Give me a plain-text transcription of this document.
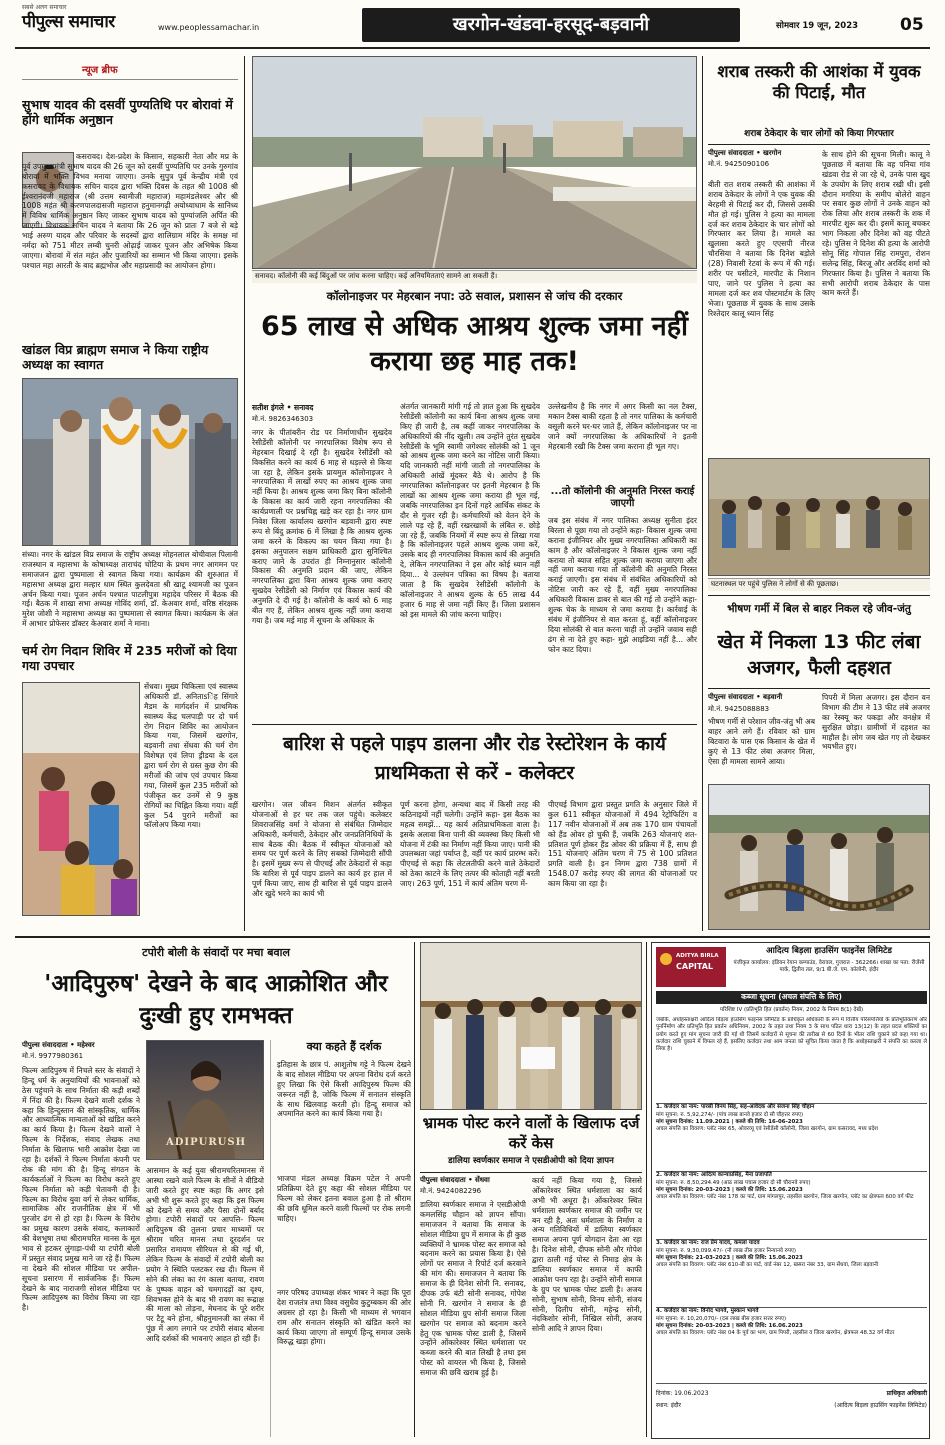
सबसे अलग समाचार
पीपुल्स समाचार	www.peoplessamachar.in	खरगोन-खंडवा-हरसूद-बड़वानी	सोमवार 19 जून, 2023 05
न्यूज ब्रीफ
सुभाष यादव की दसवीं पुण्यतिथि पर बोरावां में होंगे धार्मिक अनुष्ठान
कसरावद। देश-प्रदेश के किसान, सहकारी नेता और मप्र के पूर्व उपमुख्यमंत्री सुभाष यादव की 26 जून को दसवीं पुण्यतिथि पर उनके गुरुगांव बोरावां में भक्ति विभव मनाया जाएगा। उनके सुपुत्र पूर्व केन्द्रीय मंत्री एवं कसरावद के विधायक सचिन यादव द्वारा भक्ति दिवस के तहत श्री 1008 श्री ईश्वरानंदजी महाराज (श्री उत्तम स्वामीजी महाराज) महामंडलेश्वर और श्री 1008 महंत श्री करणपालदासजी महाराज हनुमानगढ़ी अयोध्याधाम के सानिध्य में विविध धार्मिक अनुष्ठान किए जाकर सुभाष यादव को पुण्यांजलि अर्पित की जाएगी। विधायक सचिन यादव ने बताया कि 26 जून को प्रातः 7 बजे से बड़े भाई अरुण यादव और परिवार के सदस्यों द्वारा शालिग्राम मंदिर के समक्ष मां नर्मदा को 751 मीटर लम्बी चुनरी ओढ़ाई जाकर पूजन और अभिषेक किया जाएगा। बोरावां में संत महंत और पुजारियों का सम्मान भी किया जाएगा। इसके पश्चात महा आरती के बाद ब्रह्मभोज और महाप्रसादी का आयोजन होगा।
खांडल विप्र ब्राह्मण समाज ने किया राष्ट्रीय अध्यक्ष का स्वागत
संध्या। नगर के खांडल विप्र समाज के राष्ट्रीय अध्यक्ष मोहनलाल बोचीवाल पिलानी राजस्थान व महासभा के कोषाध्यक्ष ताराचंद चोटिया के प्रथम नगर आगमन पर समाजजन द्वारा पुष्पमाला से स्वागत किया गया। कार्यक्रम की शुरुआत में महासभा अध्यक्ष द्वारा मल्हार धाम स्थित कुलदेवता श्री खाटू श्यामजी का पूजन अर्चन किया गया। पूजन अर्चन पश्चात पाटलीपुत्रा महादेव परिसर में बैठक की गई। बैठक में शाखा सभा अध्यक्ष गोविंद शर्मा, डॉ. केअवार शर्मा, वरिष्ठ संरक्षक मुरेश जोशी ने महासभा अध्यक्ष का पुष्पमाला से स्वागत किया। कार्यक्रम के अंत में आभार प्रोफेसर डॉक्टर केअवार शर्मा ने माना।
चर्म रोग निदान शिविर में 235 मरीजों को दिया गया उपचार
सेंधवा। मुख्य चिकित्सा एवं स्वास्थ्य अधिकारी डॉ. अनिताsिंह सिंगारे मैडम के मार्गदर्शन में प्राथमिक स्वास्थ्य केंद्र चलपाड़ी पर दो चर्म रोग निदान शिविर का आयोजन किया गया, जिसमें खरगोन, बड़वानी तथा सेंधवा की चर्म रोग विशेषज्ञ एवं लिपा ड्रीडया के दल द्वारा चर्म रोग से ग्रस्त कुछ रोग की मरीजों की जांच एवं उपचार किया गया, जिसमें कुल 235 मरीजों को पंजीकृत कर उनमें से 9 कुष्ठ रोगियों का चिह्नित किया गया। वहीं कुल 54 पुराने मरीजों का फॉलोअप किया गया।
सनावद। कॉलोनी की कई बिंदुओं पर जांच करना चाहिए। कई अनियमितताएं सामने आ सकती हैं।
कॉलोनाइजर पर मेहरबान नपा: उठे सवाल, प्रशासन से जांच की दरकार
65 लाख से अधिक आश्रय शुल्क जमा नहीं कराया छह माह तक!
सतीश इंगले • सनावद
मो.नं. 9826346303
नगर के पीतांबरीन रोड पर निर्माणाधीन सुखदेव रेसीडेंसी कॉलोनी पर नगरपालिका विशेष रूप से मेहरबान दिखाई दे रही है। सुखदेव रेसीडेंसी को विकसित करने का कार्य 6 माह से धड़ल्ले से किया जा रहा है, लेकिन इसके प्रायमुल कॉलोनाइजर ने नगरपालिका में लाखों रुपए का आश्रय शुल्क जमा नहीं किया है। आश्रय शुल्क जमा किए बिना कॉलोनी के विकास का कार्य जारी रहना नगरपालिका की कार्यप्रणाली पर प्रश्नचिह्न खड़े कर रहा है। नगर ग्राम निवेश जिला कार्यालय खरगोन बड़वानी द्वारा स्पष्ट रूप से बिंदु क्रमांक 6 में लिखा है कि आश्रय शुल्क जमा करने के विकल्प का चयन किया गया है। इसका अनुपालन सक्षम प्राधिकारी द्वारा सुनिश्चित कराए जाने के उपरांत ही निम्नानुसार कॉलोनी विकास की अनुमति प्रदान की जाए, लेकिन नगरपालिका द्वारा बिना आश्रय शुल्क जमा कराए सुखदेव रेसीडेंसी को निर्माण एवं विकास कार्य की अनुमति दे दी गई है। कॉलोनी के कार्य को 6 माह बीत गए हैं, लेकिन आश्रय शुल्क नहीं जमा कराया गया है। जब मई माह में सूचना के अधिकार के
अंतर्गत जानकारी मांगी गई तो ज्ञात हुआ कि सुखदेव रेसीडेंसी कॉलोनी का कार्य बिना आश्रय शुल्क जमा किए ही जारी है, तब कहीं जाकर नगरपालिका के अधिकारियों की नींद खुली। तब उन्होंने तुरंत सुखदेव रेसीडेंसी के भूमि स्वामी जगेश्वर सोलंकी को 1 जून को आश्रय शुल्क जमा करने का नोटिस जारी किया। यदि जानकारी नहीं मांगी जाती तो नगरपालिका के अधिकारी आंखें मूंदकर बैठे थे। आरोप है कि नगरपालिका कॉलोनाइजर पर इतनी मेहरबान है कि लाखों का आश्रय शुल्क जमा कराया ही भूल गई, जबकि नगरपालिका इन दिनों गहरे आर्थिक संकट के दौर से गुजर रही है। कर्मचारियों को वेतन देने के लाले पड़ रहे हैं, वहीं रखरखावों के लंबित रु. छोड़े जा रहे हैं, जबकि नियमों में स्पष्ट रूप से लिखा गया है कि कॉलोनाइजर पहले आश्रय शुल्क जमा करें, उसके बाद ही नगरपालिका विकास कार्य की अनुमति दे, लेकिन नगरपालिका ने इस और कोई ध्यान नहीं दिया... ये उल्लंघन पत्रिका का विषय है। बताया जाता है कि सुखदेव रेसीडेंसी कॉलोनी के कॉलोनाइजर ने आश्रय शुल्क के 65 लाख 44 हजार 6 माह से जमा नहीं किए हैं। जिला प्रशासन को इस मामले की जांच करना चाहिए।
उल्लेखनीय है कि नगर में अगर किसी का नल टैक्स, मकान टैक्स बाकी रहता है तो नगर पालिका के कर्मचारी वसूली करने घर-घर जाते हैं, लेकिन कॉलोनाइजर पर ना जाने क्यों नगरपालिका के अधिकारियों ने इतनी मेहरबानी रखी कि टैक्स जमा कराना ही भूल गए।
...तो कॉलोनी की अनुमति निरस्त कराई जाएगी
जब इस संबंध में नगर पालिका अध्यक्ष सुनीता इंदर बिरला से पूछा गया तो उन्होंने कहा- विकास शुल्क जमा कराना इंजीनियर और मुख्य नगरपालिका अधिकारी का काम है और कॉलोनाइजर ने विकास शुल्क जमा नहीं कराया तो ब्याज सहित शुल्क जमा कराया जाएगा और नहीं जमा कराया गया तो कॉलोनी की अनुमति निरस्त कराई जाएगी। इस संबंध में संबंधित अधिकारियों को नोटिस जारी कर रहे हैं, वहीं मुख्य नगरपालिका अधिकारी विकास डाबर से बात की गई तो उन्होंने कहा- शुल्क चेक के माध्यम से जमा कराया है। कार्रवाई के संबंध में इंजीनियर से बात करता हूं, वहीं कॉलोनाइजर दिया सोलंकी से बात करना चाही तो उन्होंने जवाब सही ढंग से ना देते हुए कहा- मुझे आइडिया नहीं है... और फोन काट दिया।
बारिश से पहले पाइप डालना और रोड रेस्टोरेशन के कार्य प्राथमिकता से करें - कलेक्टर
खरगोन। जल जीवन मिशन अंतर्गत स्वीकृत योजनाओं से हर घर तक जल पहुंचे। कलेक्टर शिवराजसिंह वर्मा ने योजना से संबंधित जिम्मेदार अधिकारी, कर्मचारी, ठेकेदार और जनप्रतिनिधियों के साथ बैठक की। बैठक में स्वीकृत योजनाओं को समय पर पूर्ण करने के लिए सबको जिम्मेदारी सौंपी है। इसमें मुख्य रूप से पीएचई और ठेकेदारों से कहा कि बारिश से पूर्व पाइप डालने का कार्य हर हाल में पूर्ण किया जाए, साथ ही बारिश से पूर्व पाइप डालने और खुदे भरने का कार्य भी
पूर्ण करना होगा, अन्यथा बाद में किसी तरह की कठिनाइयों नहीं चलेगी। उन्होंने कहा- इस बैठक का महत्व समझें... यह कार्य अतिप्राथमिकता वाला है। इसके अलावा बिना पानी की व्यवस्था किए किसी भी योजना में टंकी का निर्माण नहीं किया जाए। पानी की उपलब्धता जहां पर्याप्त है, वहीं पर कार्य प्रारम्भ करें। पीएचई से कहा कि लेटलतीफी करने वाले ठेकेदारों को ठेका काटने के लिए तत्पर की कोताही नहीं बरती जाए। 263 पूर्ण, 151 में कार्य अंतिम चरण में-
पीएचई विभाग द्वारा प्रस्तुत प्रगति के अनुसार जिले में कुल 611 स्वीकृत योजनाओं में 494 रेट्रोफिटिंग व 117 नवीन योजनाओं में अब तक 170 ग्राम पंचायतों को हैंड ओवर हो चुकी हैं, जबकि 263 योजनाएं शत-प्रतिशत पूर्ण होकर हैंड ओवर की प्रक्रिया में हैं, साथ ही 151 योजनाएं अंतिम चरण में 75 से 100 प्रतिशत प्रगति वाली है। इन निगम द्वारा 738 ग्रामों में 1548.07 करोड़ रुपए की लागत की योजनाओं पर काम किया जा रहा है।
शराब तस्करी की आशंका में युवक की पिटाई, मौत
शराब ठेकेदार के चार लोगों को किया गिरफ्तार
पीपुल्स संवाददाता • खरगोन
मो.नं. 9425090106
बीती रात शराब तस्करी की आशंका में शराब ठेकेदार के लोगों ने एक युवक की बेरहमी से पिटाई कर दी, जिससे उसकी मौत हो गई। पुलिस ने हत्या का मामला दर्ज कर शराब ठेकेदार के चार लोगों को गिरफ्तार कर लिया है। मामले का खुलासा करते हुए एएसपी नीरज चौरसिया ने बताया कि दिनेश बड़ोले (28) निवासी रेटवां के रूप में की गई। शरीर पर घसीटने, मारपीट के निशान पाए, जाने पर पुलिस ने हत्या का मामला दर्ज कर शव पोस्टमार्टम के लिए भेजा। पूछताछ में युवक के साथ उसके रिश्तेदार कालू ध्यान सिंह
के साथ होने की सूचना मिली। कालू ने पूछताछ में बताया कि वह पनिया गांव खंडवा रोड से जा रहे थे, उनके पास खुद के उपयोग के लिए शराब रखी थी। इसी दौरान मगरिया के समीप बोलेरो वाहन पर सवार कुछ लोगों ने उनके वाहन को रोक लिया और शराब तस्करी के शक में मारपीट शुरू कर दी। इसमें कालू बचकर भाग निकला और दिनेश को वह पीटते रहे। पुलिस ने दिनेश की हत्या के आरोपी सोनू सिंह गोपाल सिंह रामपुरा, रोशन सलेन्द्र सिंह, बिरजू और अरविंद शर्मा को गिरफ्तार किया है। पुलिस ने बताया कि सभी आरोपी शराब ठेकेदार के पास काम करते हैं।
घटनास्थल पर पहुंचे पुलिस ने लोगों से की पूछताछ।
भीषण गर्मी में बिल से बाहर निकल रहे जीव-जंतु
खेत में निकला 13 फीट लंबा अजगर, फैली दहशत
पीपुल्स संवाददाता • बड़वानी
मो.नं. 9425088883
भीषण गर्मी से परेशान जीव-जंतु भी अब बाहर आने लगे हैं। रविवार को ग्राम बिटवारा के पास एक किसान के खेत में कुएं से 13 फीट लंबा अजगर मिला, ऐसा ही मामला सामने आया।
पिपरी में मिला अजगर। इस दौरान वन विभाग की टीम ने 13 फीट लंबे अजगर का रेस्क्यू कर पकड़ा और वनक्षेत्र में सुरक्षित छोड़ा। ग्रामीणों में दहशत का माहौल है। लोग जब खेत गए तो देखकर भयभीत हुए।
टपोरी बोली के संवादों पर मचा बवाल
'आदिपुरुष' देखने के बाद आक्रोशित और दुःखी हुए रामभक्त
पीपुल्स संवाददाता • महेश्वर
मो.नं. 9977980361
फिल्म आदिपुरुष में निचले स्तर के संवादों ने हिन्दू धर्म के अनुयायियों की भावनाओं को ठेस पहुंचाने के साथ निर्माता की कड़ी शब्दों में निंदा की है। फिल्म देखने वाली दर्शक ने कहा कि हिन्दुस्तान की सांस्कृतिक, धार्मिक और आध्यात्मिक मान्यताओं को खंडित करने का कार्य किया है। फिल्म देखने वालों ने फिल्म के निर्देशक, संवाद लेखक तथा निर्माता के खिलाफ भारी आक्रोश देखा जा रहा है। दर्शकों ने फिल्म निर्माता कंपनी पर रोक की मांग की है। हिन्दू संगठन के कार्यकर्ताओं ने फिल्म का विरोध करते हुए फिल्म निर्माता को कड़ी चेतावनी दी है। फिल्म का विरोध युवा वर्ग से लेकर धार्मिक, सामाजिक और राजनीतिक क्षेत्र में भी पुरजोर ढंग से हो रहा है। फिल्म के विरोध का प्रमुख कारण उसके संवाद, कलाकारों की वेशभूषा तथा श्रीरामचरित मानस के मूल भाव से हटकर लुंगाड़ा-पंथी या टपोरी बोली में प्रस्तुत संवाद प्रमुख माने जा रहे हैं। फिल्म ना देखने की सोशल मीडिया पर अपील- सूचना प्रसारण में सार्वजनिक हैं। फिल्म देखने के बाद नाराजगी सोशल मीडिया पर फिल्म आदिपुरुष का विरोध किया जा रहा है।
ADIPURUSH
आसमान के कई युवा श्रीरामचरितमानस में आस्था रखने वाले फिल्म के सीनों ने वीडियो जारी करते हुए स्पष्ट कहा कि अगर इसे अभी भी शुरू करते हुए कहा कि इस फिल्म को देखने से समय और पैसा दोनों बर्बाद होगा। टपोरी संवादों पर आपत्ति- फिल्म आदिपुरुष की तुलना प्रचार माध्यमों पर श्रीराम चरित मानस तथा दूरदर्शन पर प्रसारित रामायण सीरियल से की गई थी, लेकिन फिल्म के संवादों में टपोरी बोली का प्रयोग ने स्थिति पलटकर रख दी। फिल्म में सोने की लंका का रंग काला बताया, रावण के पुष्पक वाहन को चमगादड़ों का दृश्य, शिवभक्त होने के बाद भी रावण का रूद्राक्ष की माला को तोड़ना, मेघनाद के पूरे शरीर पर टैटू बने होना, श्रीहनुमानजी का लंका में पूंछ में आग लगाने पर टपोरी संवाद बोलना आदि दर्शकों की भावनाएं आहत हो रही हैं।
क्या कहते हैं दर्शक
इतिहास के छात्र पं. आशुतोष गट्टे ने फिल्म देखने के बाद सोशल मीडिया पर अपना विरोध दर्ज करते हुए लिखा कि ऐसे किसी आदिपुरुष फिल्म की जरूरत नहीं है, जोकि फिल्म में सनातन संस्कृति के साथ खिलवाड़ करती हो। हिन्दू समाज को अपमानित करने का कार्य किया गया है।
भाजपा मंडल अध्यक्ष विक्रम पटेल ने अपनी प्रतिक्रिया देते हुए कहा की सोशल मीडिया पर फिल्म को लेकर इतना बवाल हुआ है तो श्रीराम की छवि धूमिल करने वाली फिल्मों पर रोक लगनी चाहिए।
नगर परिषद उपाध्यक्ष शंकर भाबर ने कहा कि पूरा देश राजतंत्र तथा विश्व वसुधैव कुटुम्बकम की ओर अग्रसर हो रहा है। किसी भी माध्यम से भगवान राम और सनातन संस्कृति को खंडित करने का कार्य किया जाएगा तो सम्पूर्ण हिन्दू समाज उसके विरुद्ध खड़ा होगा।
भ्रामक पोस्ट करने वालों के खिलाफ दर्ज करें केस
डालिया स्वर्णकार समाज ने एसडीओपी को दिया ज्ञापन
पीपुल्स संवाददाता • सेंधवा
मो.नं. 9424082296
डालिया स्वर्णकार समाज ने एसडीओपी कमलसिंह चौहान को ज्ञापन सौंपा। समाजजन ने बताया कि समाज के सोशल मीडिया ग्रुप में समाज के ही कुछ व्यक्तियों ने भ्रामक पोस्ट कर समाज को बदनाम करने का प्रयास किया है। ऐसे लोगों पर समाज ने रिपोर्ट दर्ज करवाने की मांग की। समाजजन ने बताया कि समाज के ही दिनेश सोनी नि. सनावद, दीपक उर्फ बंटी सोनी सनावद, गोपेश सोनी नि. खरगोन ने समाज के ही सोशल मीडिया ग्रुप सोनी समाज जिला खरगोन पर समाज को बदनाम करने हेतु एक भ्रामक पोस्ट डाली है, जिसमें उन्होंने ओंकारेश्वर स्थित धर्मशाला पर कब्जा करने की बात लिखी है तथा इस पोस्ट को वायरल भी किया है, जिससे समाज की छवि खराब हुई है।
कार्य नहीं किया गया है, जिससे ओंकारेश्वर स्थित धर्मशाला का कार्य अभी भी अधूरा है। ओंकारेश्वर स्थित धर्मशाला स्वर्णकार समाज की जमीन पर बन रही है, अतः धर्मशाला के निर्माण व अन्य गतिविधियों में डालिया स्वर्णकार समाज अपना पूर्ण योगदान देता आ रहा है। दिनेश सोनी, दीपक सोनी और गोपेश द्वारा ठाली गई पोस्ट से निमाड़ क्षेत्र के डालिया स्वर्णकार समाज में काफी आक्रोश पनप रहा है। उन्होंने सोनी समाज के ग्रुप पर भ्रामक पोस्ट डाली है। अजय सोनी, सुभाष सोनी, विनय सोनी, संजय सोनी, दिलीप सोनी, महेन्द्र सोनी, नंदकिशोर सोनी, निखिल सोनी, अजय सोनी आदि ने ज्ञापन दिया।
ADITYA BIRLA
CAPITAL
आदित्य बिड़ला हाउसिंग फाइनेंस लिमिटेड
पंजीकृत कार्यालय: इंडियन रेयान कम्पाउंड, वेरावल, गुजरात - 362266। शाखा का पता: रीजेंसी पार्क, द्वितीय तल, 9/1 बी.जे. एम. कॉलोनी, इंदौर
कब्जा सूचना (अचल संपत्ति के लिए)
परिशिष्ट IV (प्रतिभूति हित (प्रवर्तन) नियम, 2002 के नियम 8(1) देखें)
जबकि, अधोहस्ताक्षरी आदित्य बिड़ला हाउसिंग फाइनेंस लिमिटेड के प्राधिकृत अधिकारी के रूप में वित्तीय परिसंपत्तियों के प्रतिभूतिकरण और पुनर्निर्माण और प्रतिभूति हित प्रवर्तन अधिनियम, 2002 के तहत तथा नियम 3 के साथ पठित धारा 13(12) के तहत प्रदत्त शक्तियों का प्रयोग करते हुए मांग सूचना जारी की गई थी जिसमें कर्जदारों से सूचना की तारीख से 60 दिनों के भीतर राशि चुकाने को कहा गया था। कर्जदार राशि चुकाने में विफल रहे हैं, इसलिए कर्जदार तथा आम जनता को सूचित किया जाता है कि अधोहस्ताक्षरी ने संपत्ति का कब्जा ले लिया है।
1. कर्जदार का नाम: पारसी विनय सिंह, सह-आवेदक और संजना सिंह चौहान
मांग सूचना: रु. 5,92,274/- (पांच लाख बानवे हजार दो सौ चौहत्तर रुपए)
मांग सूचना दिनांक: 11.09.2021 | कब्जे की तिथि: 16-06-2023
अचल संपत्ति का विवरण: प्लॉट नंबर 65, ओवरव्यू एवं रेसीडेंसी कॉलोनी, जिला खरगोन, ग्राम कसरावद, मध्य प्रदेश
2. कर्जदार का नाम: आदित्य कान्याप्रसिंह, मैना प्रजापति
मांग सूचना: रु. 8,50,294.49 (आठ लाख पचास हजार दो सौ चौरानवे रुपए)
मांग सूचना दिनांक: 20-03-2023 | कब्जे की तिथि: 15.06.2023
अचल संपत्ति का विवरण: प्लॉट नंबर 178 का पार्ट, ग्राम मांगलपुर, तहसील खरगोन, जिला खरगोन, प्लॉट का क्षेत्रफल 600 वर्ग फीट
3. कर्जदार का नाम: राज प्रेम यादव, कमला यादव
मांग सूचना: रु. 9,30,099.47/- (नौ लाख तीस हजार निन्यानवे रुपए)
मांग सूचना दिनांक: 21-03-2023 | कब्जे की तिथि: 15.06.2023
अचल संपत्ति का विवरण: प्लॉट नंबर 610-बी का पार्ट, वार्ड नंबर 12, खसरा नंबर 33, ग्राम सेंधवा, जिला बड़वानी
4. कर्जदार का नाम: विनोद भागवे, मुस्कान भागवे
मांग सूचना: रु. 10,20,070/- (दस लाख बीस हजार सत्तर रुपए)
मांग सूचना दिनांक: 20-03-2023 | कब्जे की तिथि: 16.06.2023
अचल संपत्ति का विवरण: प्लॉट नंबर 04 के पूर्व का भाग, ग्राम पिपरी, तहसील व जिला खरगोन, क्षेत्रफल 48.32 वर्ग मीटर
दिनांक: 19.06.2023
स्थान: इंदौर
प्राधिकृत अधिकारी
(आदित्य बिड़ला हाउसिंग फाइनेंस लिमिटेड)
